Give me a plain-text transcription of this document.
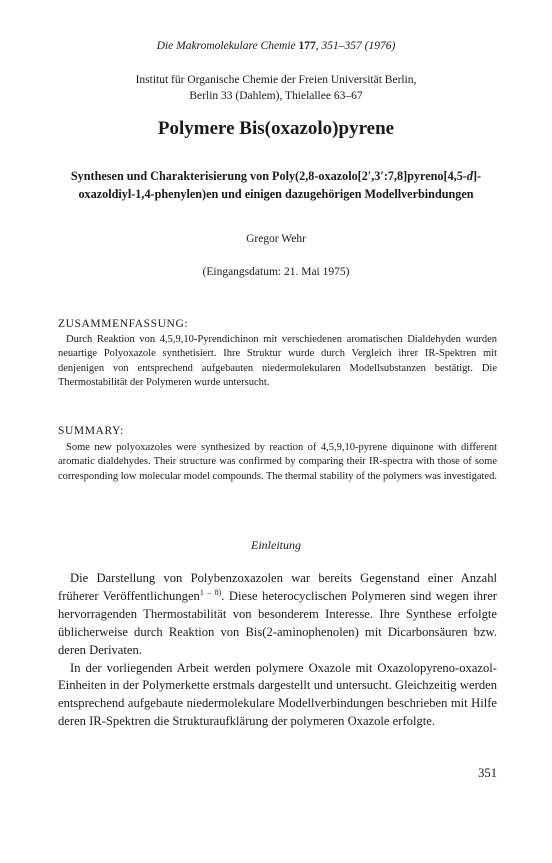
Die Makromolekulare Chemie 177, 351–357 (1976)
Institut für Organische Chemie der Freien Universität Berlin,
Berlin 33 (Dahlem), Thielallee 63–67
Polymere Bis(oxazolo)pyrene
Synthesen und Charakterisierung von Poly(2,8-oxazolo[2′,3′:7,8]pyreno[4,5-d]-oxazoldiyl-1,4-phenylen)en und einigen dazugehörigen Modellverbindungen
Gregor Wehr
(Eingangsdatum: 21. Mai 1975)
ZUSAMMENFASSUNG:

Durch Reaktion von 4,5,9,10-Pyrendichinon mit verschiedenen aromatischen Dialdehyden wurden neuartige Polyoxazole synthetisiert. Ihre Struktur wurde durch Vergleich ihrer IR-Spektren mit denjenigen von entsprechend aufgebauten niedermolekularen Modellsubstanzen bestätigt. Die Thermostabilität der Polymeren wurde untersucht.

SUMMARY:

Some new polyoxazoles were synthesized by reaction of 4,5,9,10-pyrene diquinone with different aromatic dialdehydes. Their structure was confirmed by comparing their IR-spectra with those of some corresponding low molecular model compounds. The thermal stability of the polymers was investigated.

Einleitung

Die Darstellung von Polybenzoxazolen war bereits Gegenstand einer Anzahl früherer Veröffentlichungen$^{1 - 8)}$. Diese heterocyclischen Polymeren sind wegen ihrer hervorragenden Thermostabilität von besonderem Interesse. Ihre Synthese erfolgte üblicherweise durch Reaktion von Bis(2-aminophenolen) mit Dicarbonsäuren bzw. deren Derivaten.

In der vorliegenden Arbeit werden polymere Oxazole mit Oxazolopyreno-oxazol-Einheiten in der Polymerkette erstmals dargestellt und untersucht. Gleichzeitig werden entsprechend aufgebaute niedermolekulare Modellverbindungen beschrieben mit Hilfe deren IR-Spektren die Strukturaufklärung der polymeren Oxazole erfolgte.

351
